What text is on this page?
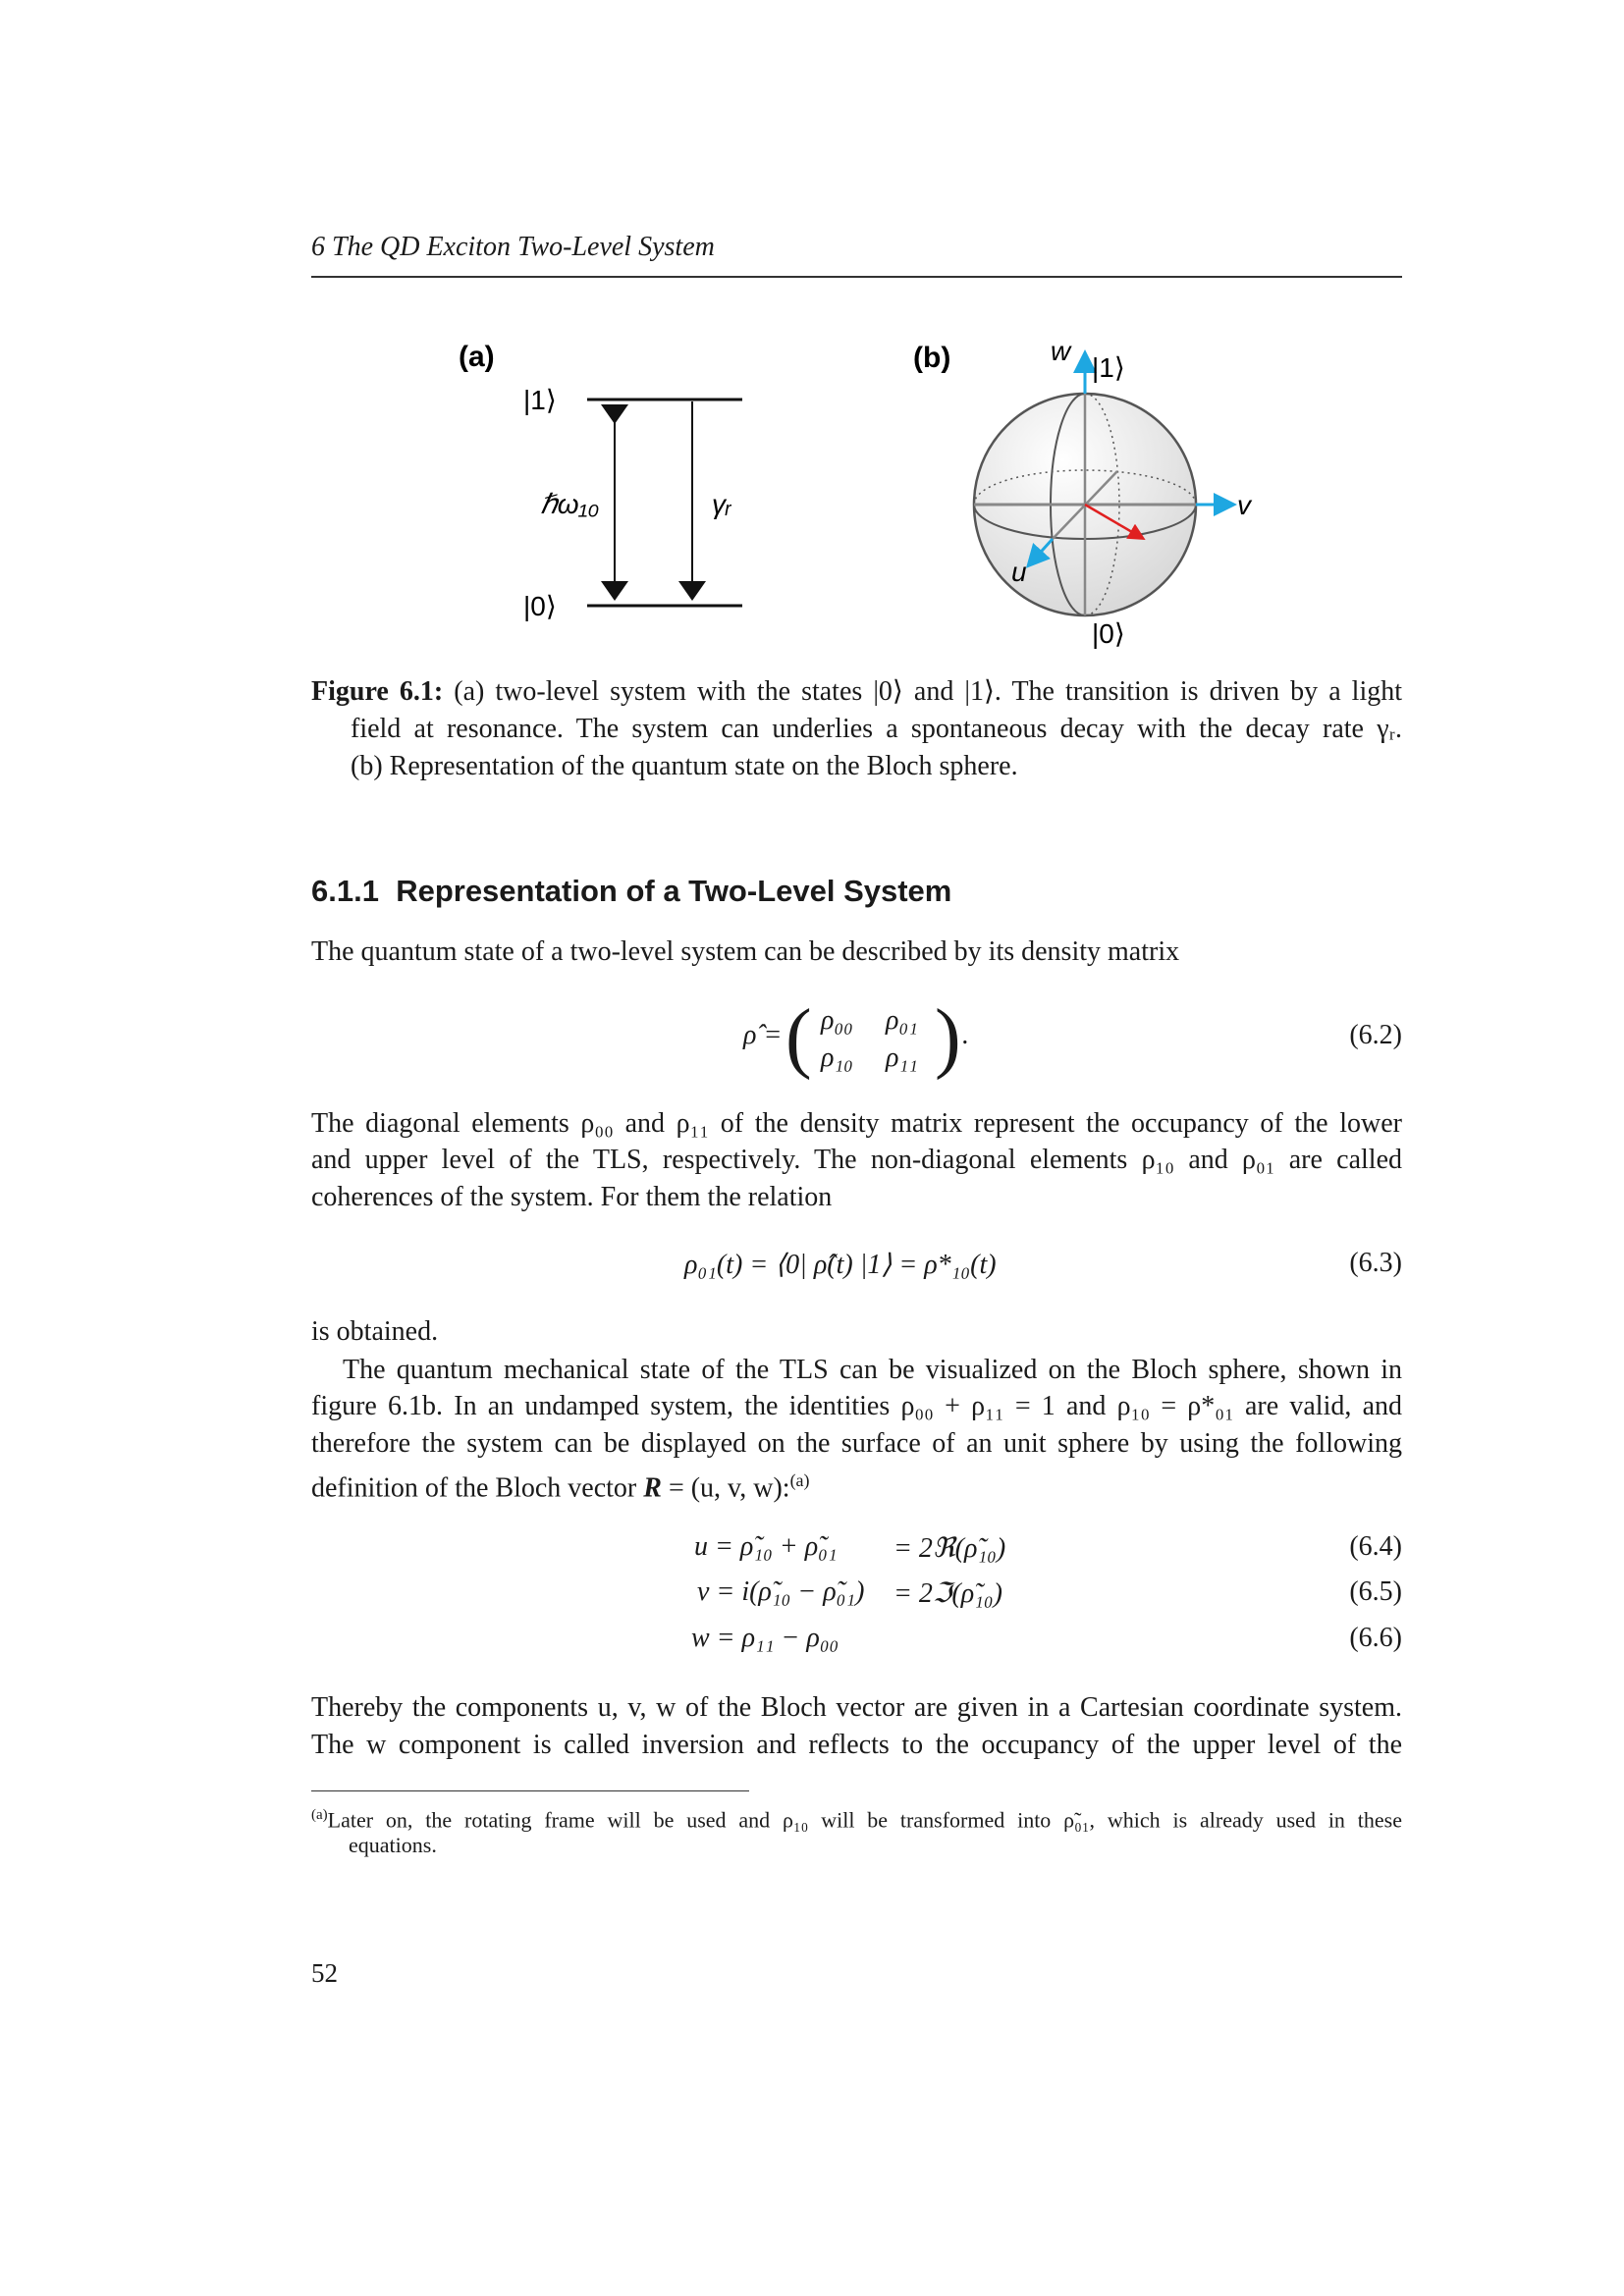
6 The QD Exciton Two-Level System
(a)
|1⟩
|0⟩
ℏω₁₀	γᵣ
(b)	w
|1⟩
v
u
|0⟩
Figure 6.1: (a) two-level system with the states |0⟩ and |1⟩. The transition is driven by a light
field at resonance. The system can underlies a spontaneous decay with the decay rate γᵣ.
(b) Representation of the quantum state on the Bloch sphere.
6.1.1 Representation of a Two-Level System
The quantum state of a two-level system can be described by its density matrix
ρ̂ = ( ρ₀₀ ρ₀₁
ρ₁₀ ρ₁₁ ) .	(6.2)
The diagonal elements ρ₀₀ and ρ₁₁ of the density matrix represent the occupancy of the lower
and upper level of the TLS, respectively. The non-diagonal elements ρ₁₀ and ρ₀₁ are called
coherences of the system. For them the relation
ρ₀₁(t) = ⟨0| ρ̂(t) |1⟩ = ρ*₁₀(t)	(6.3)
is obtained.
The quantum mechanical state of the TLS can be visualized on the Bloch sphere, shown in
figure 6.1b. In an undamped system, the identities ρ₀₀ + ρ₁₁ = 1 and ρ₁₀ = ρ*₀₁ are valid, and
therefore the system can be displayed on the surface of an unit sphere by using the following
definition of the Bloch vector R = (u, v, w):$^{(a)}$
u = ρ̃₁₀ + ρ̃₀₁ = 2ℜ(ρ̃₁₀)	(6.4)
v = i(ρ̃₁₀ − ρ̃₀₁) = 2ℑ(ρ̃₁₀)	(6.5)
w = ρ₁₁ − ρ₀₀	(6.6)
Thereby the components u, v, w of the Bloch vector are given in a Cartesian coordinate system.
The w component is called inversion and reflects to the occupancy of the upper level of the
$^{(a)}$Later on, the rotating frame will be used and ρ₁₀ will be transformed into ρ̃₀₁, which is already used in these
equations.
52
